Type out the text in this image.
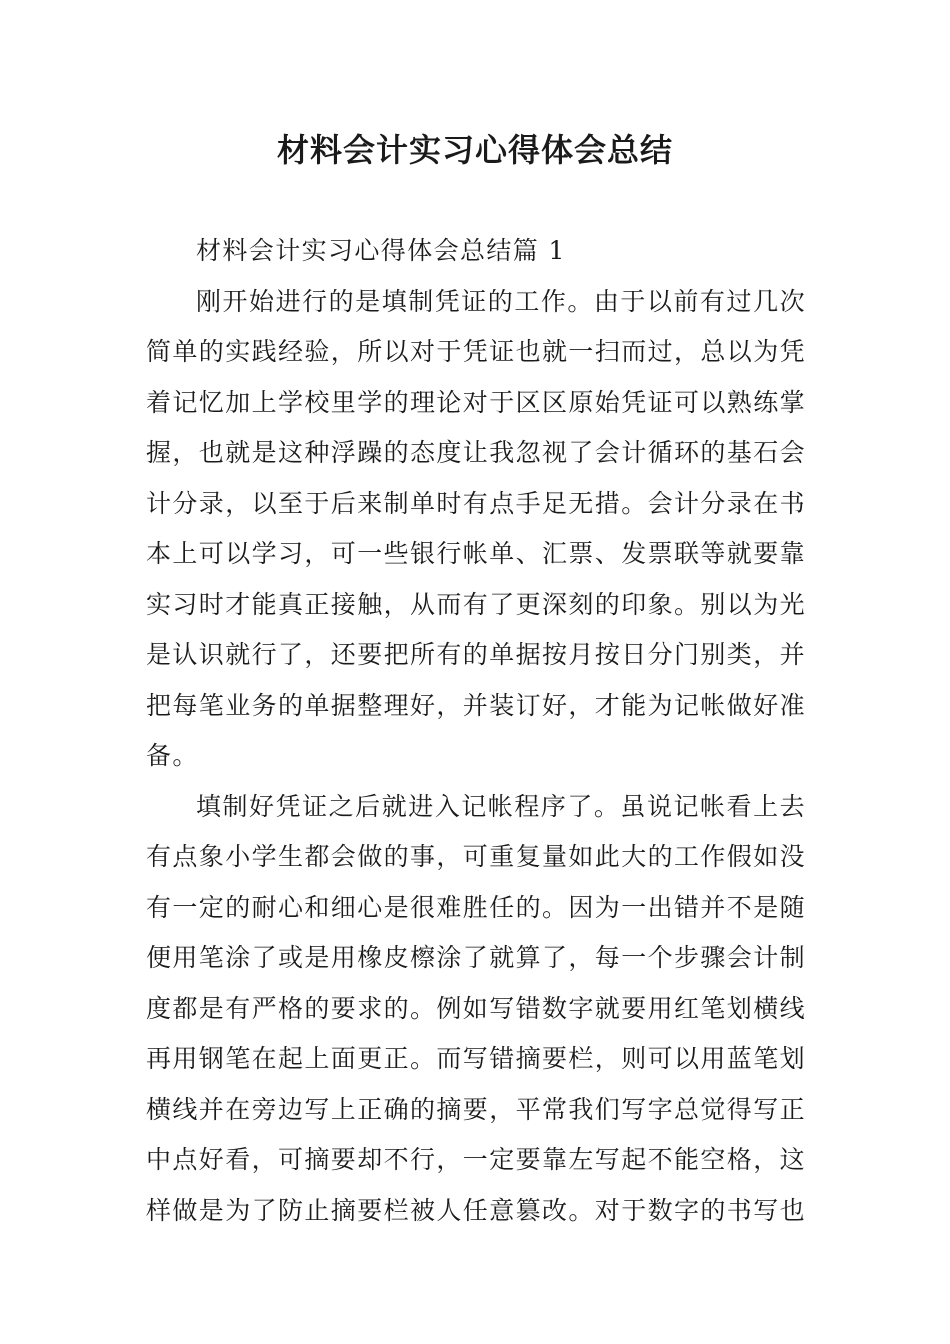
材料会计实习心得体会总结

材料会计实习心得体会总结篇 1

刚开始进行的是填制凭证的工作。由于以前有过几次简单的实践经验，所以对于凭证也就一扫而过，总以为凭着记忆加上学校里学的理论对于区区原始凭证可以熟练掌握，也就是这种浮躁的态度让我忽视了会计循环的基石会计分录，以至于后来制单时有点手足无措。会计分录在书本上可以学习，可一些银行帐单、汇票、发票联等就要靠实习时才能真正接触，从而有了更深刻的印象。别以为光是认识就行了，还要把所有的单据按月按日分门别类，并把每笔业务的单据整理好，并装订好，才能为记帐做好准备。

填制好凭证之后就进入记帐程序了。虽说记帐看上去有点象小学生都会做的事，可重复量如此大的工作假如没有一定的耐心和细心是很难胜任的。因为一出错并不是随便用笔涂了或是用橡皮檫涂了就算了，每一个步骤会计制度都是有严格的要求的。例如写错数字就要用红笔划横线再用钢笔在起上面更正。而写错摘要栏，则可以用蓝笔划横线并在旁边写上正确的摘要，平常我们写字总觉得写正中点好看，可摘要却不行，一定要靠左写起不能空格，这样做是为了防止摘要栏被人任意篡改。对于数字的书写也
